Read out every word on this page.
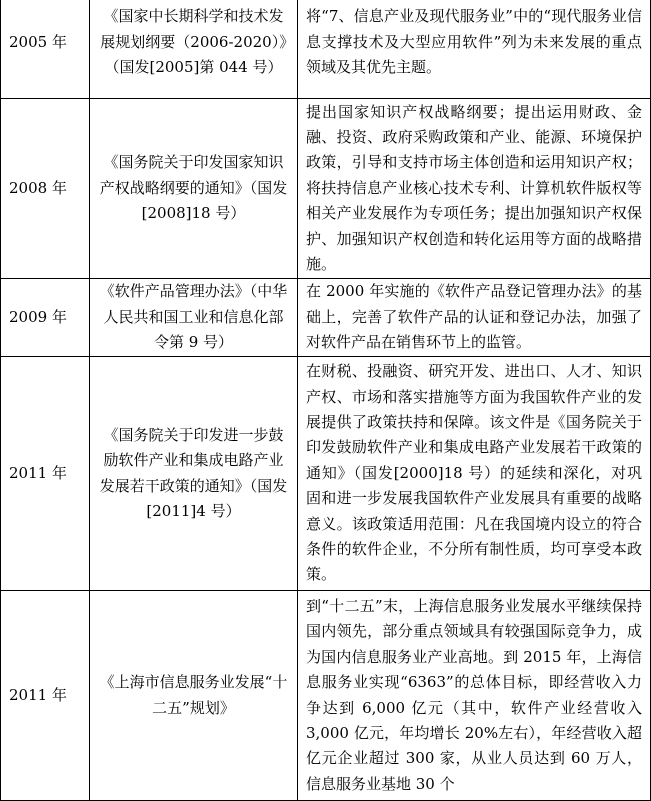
2005 年	《国家中长期科学和技术发展规划纲要（2006-2020）》（国发[2005]第 044 号）	将“7、信息产业及现代服务业”中的“现代服务业信息支撑技术及大型应用软件”列为未来发展的重点领域及其优先主题。

2008 年	《国务院关于印发国家知识产权战略纲要的通知》（国发[2008]18 号）	提出国家知识产权战略纲要；提出运用财政、金融、投资、政府采购政策和产业、能源、环境保护政策，引导和支持市场主体创造和运用知识产权；将扶持信息产业核心技术专利、计算机软件版权等相关产业发展作为专项任务；提出加强知识产权保护、加强知识产权创造和转化运用等方面的战略措施。

2009 年	《软件产品管理办法》（中华人民共和国工业和信息化部令第 9 号）	在 2000 年实施的《软件产品登记管理办法》的基础上，完善了软件产品的认证和登记办法，加强了对软件产品在销售环节上的监管。

2011 年	《国务院关于印发进一步鼓励软件产业和集成电路产业发展若干政策的通知》（国发[2011]4 号）	在财税、投融资、研究开发、进出口、人才、知识产权、市场和落实措施等方面为我国软件产业的发展提供了政策扶持和保障。该文件是《国务院关于印发鼓励软件产业和集成电路产业发展若干政策的通知》（国发[2000]18 号）的延续和深化，对巩固和进一步发展我国软件产业发展具有重要的战略意义。该政策适用范围：凡在我国境内设立的符合条件的软件企业，不分所有制性质，均可享受本政策。

2011 年	《上海市信息服务业发展“十二五”规划》	到“十二五”末，上海信息服务业发展水平继续保持国内领先，部分重点领域具有较强国际竞争力，成为国内信息服务业产业高地。到 2015 年，上海信息服务业实现“6363”的总体目标，即经营收入力争达到 6,000 亿元（其中，软件产业经营收入 3,000 亿元，年均增长 20%左右），年经营收入超亿元企业超过 300 家，从业人员达到 60 万人，信息服务业基地 30 个
